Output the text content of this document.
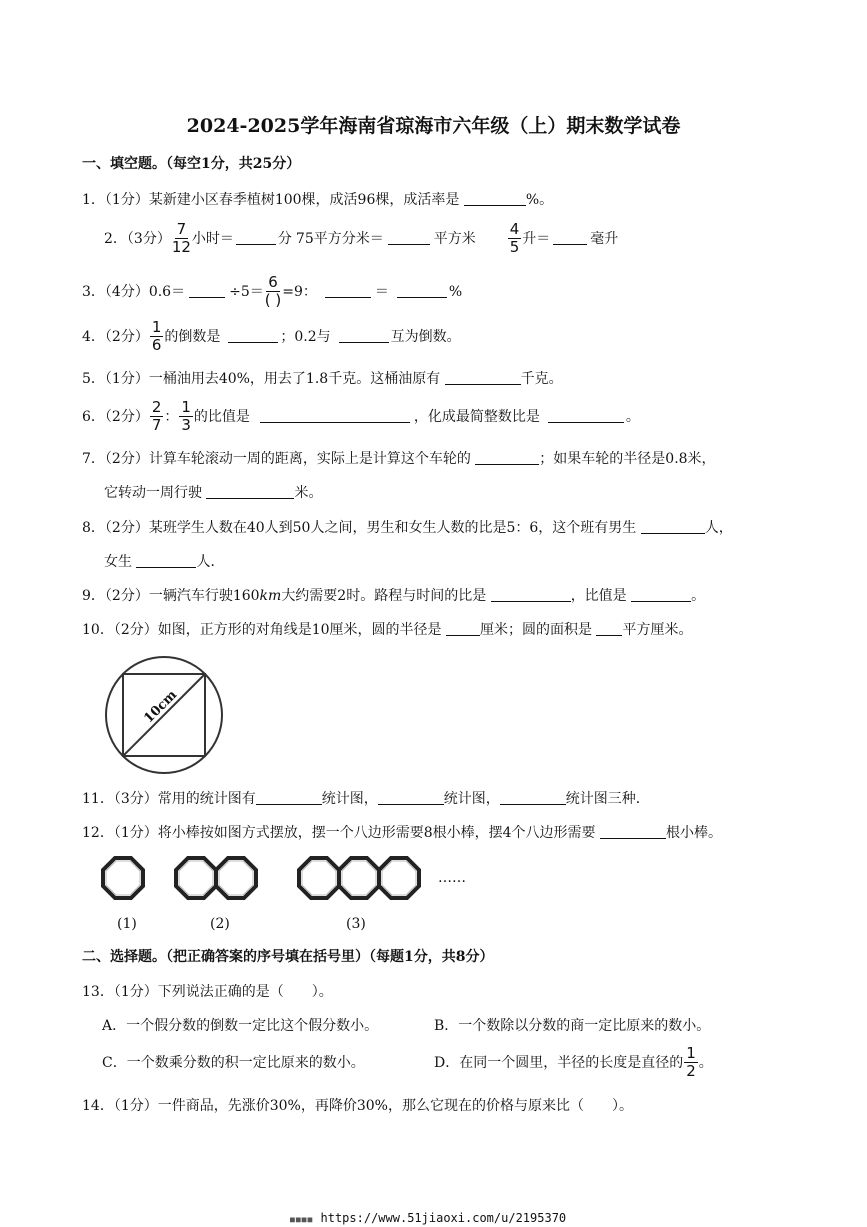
2024-2025学年海南省琼海市六年级（上）期末数学试卷
一、填空题。（每空1分，共25分）
1．（1分）某新建小区春季植树100棵，成活96棵，成活率是	%。
2．（3分） $\frac{7}{12}$ 小时＝	分 75平方分米＝	平方米 $\frac{4}{5}$ 升＝	毫升
3．（4分）0.6＝	$\div 5= \frac{6}{( )} =9$：	＝	%
4．（2分） $\frac{1}{6}$ 的倒数是	；0.2与	互为倒数。
5．（1分）一桶油用去40%，用去了1.8千克。这桶油原有	千克。
6．（2分） $\frac{2}{7}$ ： $\frac{1}{3}$ 的比值是	，化成最简整数比是	。
7．（2分）计算车轮滚动一周的距离，实际上是计算这个车轮的	；如果车轮的半径是0.8米，
它转动一周行驶	米。
8．（2分）某班学生人数在40人到50人之间，男生和女生人数的比是5：6，这个班有男生	人，
女生	人．
9．（2分）一辆汽车行驶160km大约需要2时。路程与时间的比是	，比值是	。
10．（2分）如图，正方形的对角线是10厘米，圆的半径是	厘米；圆的面积是 平方厘米。
10cm
11．（3分）常用的统计图有	统计图，	统计图，	统计图三种．
12．（1分）将小棒按如图方式摆放，摆一个八边形需要8根小棒，摆4个八边形需要	根小棒。
……
(1)	(2)	(3)
二、选择题。（把正确答案的序号填在括号里）（每题1分，共8分）
13．（1分）下列说法正确的是（　　）。
A．一个假分数的倒数一定比这个假分数小。	B．一个数除以分数的商一定比原来的数小。
C．一个数乘分数的积一定比原来的数小。	D．在同一个圆里，半径的长度是直径的 $\frac{1}{2}$ 。
14．（1分）一件商品，先涨价30%，再降价30%，那么它现在的价格与原来比（　　）。
■■■■ https://www.51jiaoxi.com/u/2195370
